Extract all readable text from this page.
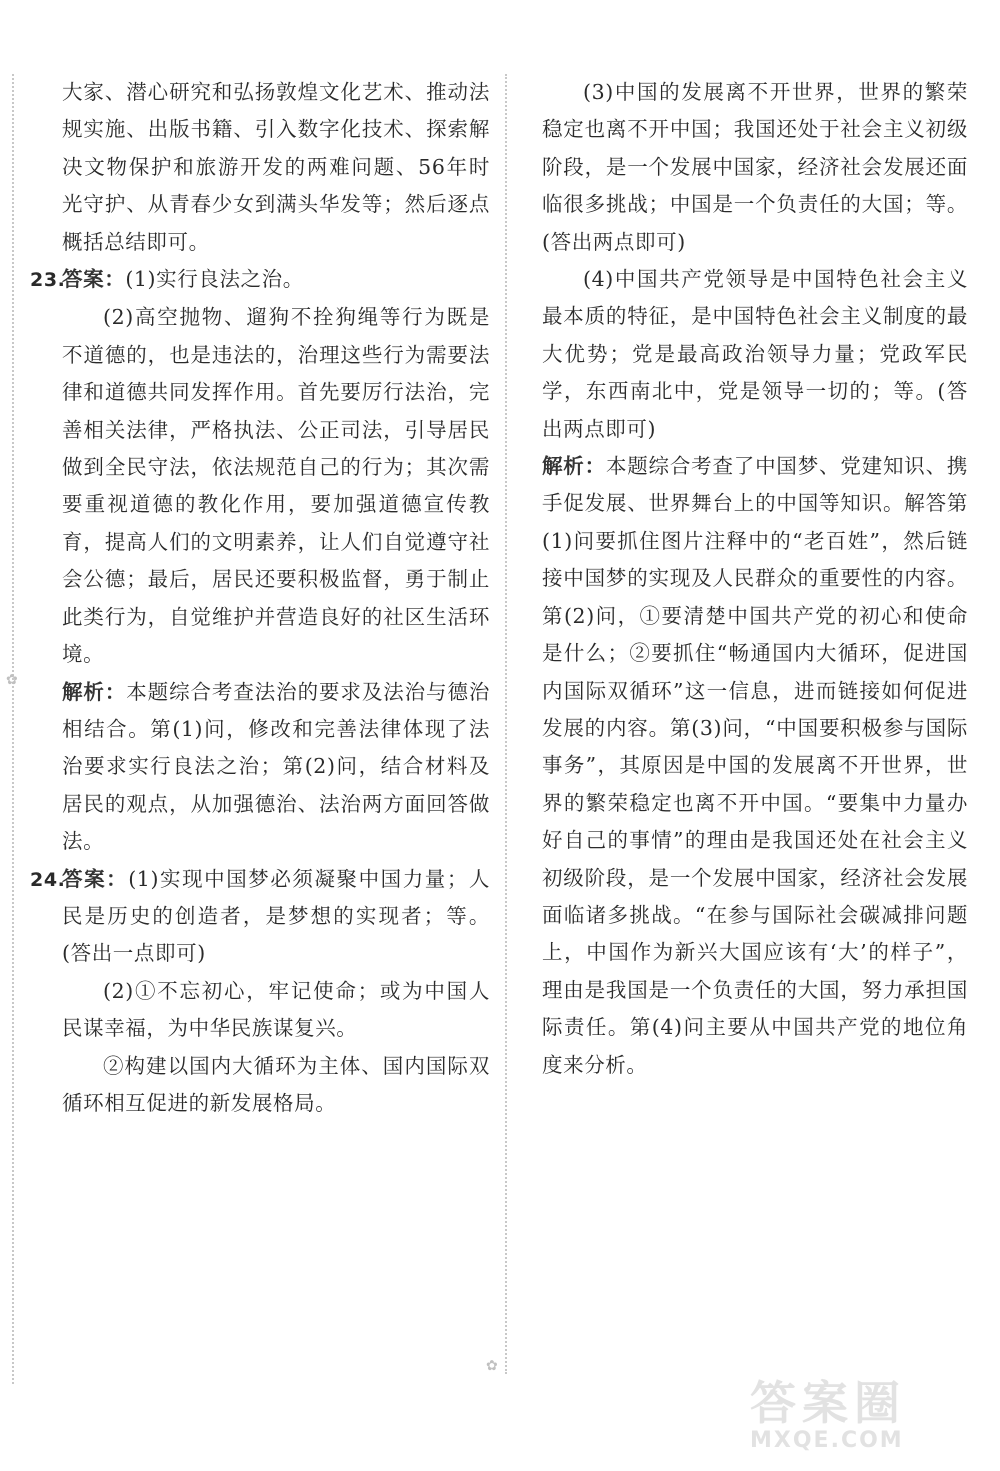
✿
✿

大家、潜心研究和弘扬敦煌文化艺术、推动法规实施、出版书籍、引入数字化技术、探索解决文物保护和旅游开发的两难问题、56年时光守护、从青春少女到满头华发等；然后逐点概括总结即可。

23.

答案：(1)实行良法之治。

(2)高空抛物、遛狗不拴狗绳等行为既是不道德的，也是违法的，治理这些行为需要法律和道德共同发挥作用。首先要厉行法治，完善相关法律，严格执法、公正司法，引导居民做到全民守法，依法规范自己的行为；其次需要重视道德的教化作用，要加强道德宣传教育，提高人们的文明素养，让人们自觉遵守社会公德；最后，居民还要积极监督，勇于制止此类行为，自觉维护并营造良好的社区生活环境。

解析：本题综合考查法治的要求及法治与德治相结合。第(1)问，修改和完善法律体现了法治要求实行良法之治；第(2)问，结合材料及居民的观点，从加强德治、法治两方面回答做法。

24.

答案：(1)实现中国梦必须凝聚中国力量；人民是历史的创造者，是梦想的实现者；等。(答出一点即可)

(2)①不忘初心，牢记使命；或为中国人民谋幸福，为中华民族谋复兴。

②构建以国内大循环为主体、国内国际双循环相互促进的新发展格局。

(3)中国的发展离不开世界，世界的繁荣稳定也离不开中国；我国还处于社会主义初级阶段，是一个发展中国家，经济社会发展还面临很多挑战；中国是一个负责任的大国；等。(答出两点即可)

(4)中国共产党领导是中国特色社会主义最本质的特征，是中国特色社会主义制度的最大优势；党是最高政治领导力量；党政军民学，东西南北中，党是领导一切的；等。(答出两点即可)

解析：本题综合考查了中国梦、党建知识、携手促发展、世界舞台上的中国等知识。解答第(1)问要抓住图片注释中的“老百姓”，然后链接中国梦的实现及人民群众的重要性的内容。第(2)问，①要清楚中国共产党的初心和使命是什么；②要抓住“畅通国内大循环，促进国内国际双循环”这一信息，进而链接如何促进发展的内容。第(3)问，“中国要积极参与国际事务”，其原因是中国的发展离不开世界，世界的繁荣稳定也离不开中国。“要集中力量办好自己的事情”的理由是我国还处在社会主义初级阶段，是一个发展中国家，经济社会发展面临诸多挑战。“在参与国际社会碳减排问题上，中国作为新兴大国应该有‘大’的样子”，理由是我国是一个负责任的大国，努力承担国际责任。第(4)问主要从中国共产党的地位角度来分析。

答案圈
MXQE.COM
